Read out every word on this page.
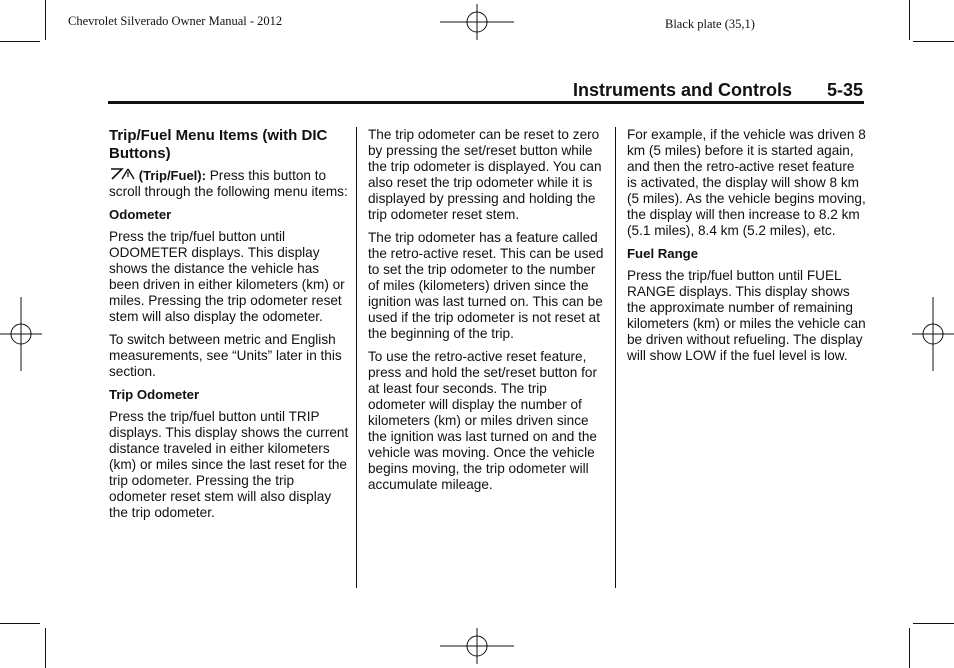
Chevrolet Silverado Owner Manual - 2012	Black plate (35,1)
Instruments and Controls 5-35
Trip/Fuel Menu Items (with DIC Buttons)

(Trip/Fuel): Press this button to scroll through the following menu items:

Odometer

Press the trip/fuel button until ODOMETER displays. This display shows the distance the vehicle has been driven in either kilometers (km) or miles. Pressing the trip odometer reset stem will also display the odometer.

To switch between metric and English measurements, see “Units” later in this section.

Trip Odometer

Press the trip/fuel button until TRIP displays. This display shows the current distance traveled in either kilometers (km) or miles since the last reset for the trip odometer. Pressing the trip odometer reset stem will also display the trip odometer.

The trip odometer can be reset to zero by pressing the set/reset button while the trip odometer is displayed. You can also reset the trip odometer while it is displayed by pressing and holding the trip odometer reset stem.

The trip odometer has a feature called the retro-active reset. This can be used to set the trip odometer to the number of miles (kilometers) driven since the ignition was last turned on. This can be used if the trip odometer is not reset at the beginning of the trip.

To use the retro-active reset feature, press and hold the set/reset button for at least four seconds. The trip odometer will display the number of kilometers (km) or miles driven since the ignition was last turned on and the vehicle was moving. Once the vehicle begins moving, the trip odometer will accumulate mileage.

For example, if the vehicle was driven 8 km (5 miles) before it is started again, and then the retro-active reset feature is activated, the display will show 8 km (5 miles). As the vehicle begins moving, the display will then increase to 8.2 km (5.1 miles), 8.4 km (5.2 miles), etc.

Fuel Range

Press the trip/fuel button until FUEL RANGE displays. This display shows the approximate number of remaining kilometers (km) or miles the vehicle can be driven without refueling. The display will show LOW if the fuel level is low.
